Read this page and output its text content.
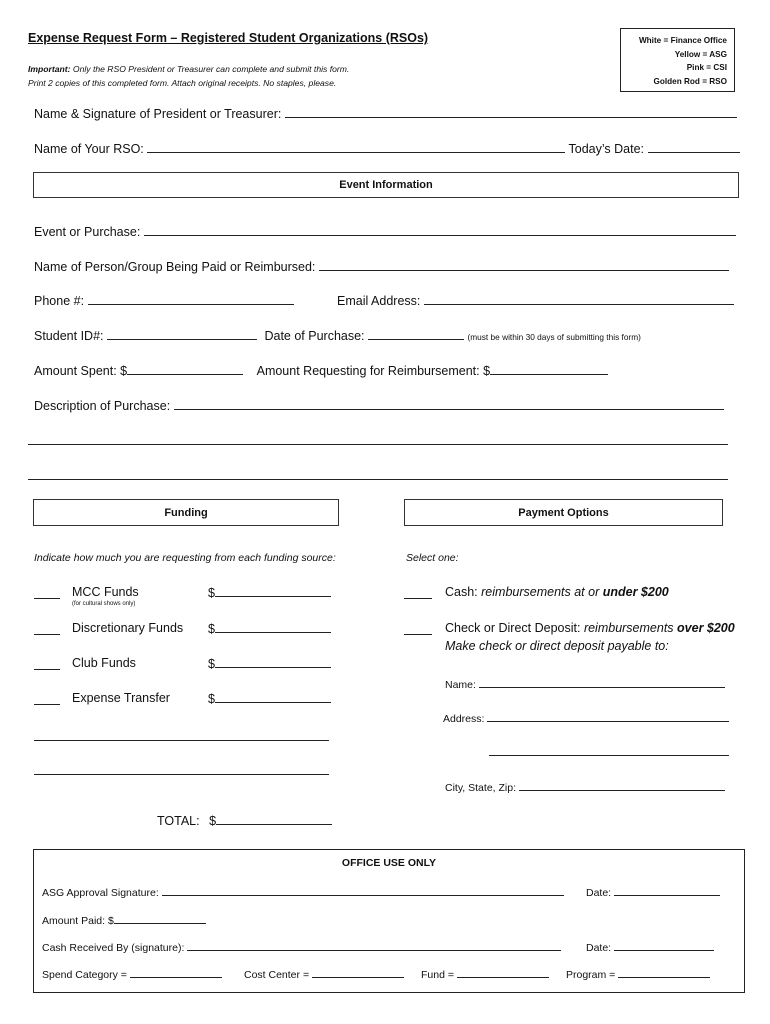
Expense Request Form – Registered Student Organizations (RSOs)
Important: Only the RSO President or Treasurer can complete and submit this form.
Print 2 copies of this completed form. Attach original receipts. No staples, please.
White = Finance Office
Yellow = ASG
Pink = CSI
Golden Rod = RSO
Name & Signature of President or Treasurer:
Name of Your RSO:	Today’s Date:
Event Information
Event or Purchase:
Name of Person/Group Being Paid or Reimbursed:
Phone #:	Email Address:
Student ID#:	Date of Purchase:	(must be within 30 days of submitting this form)
Amount Spent: $	Amount Requesting for Reimbursement: $
Description of Purchase:
Funding
Indicate how much you are requesting from each funding source:
MCC Funds
(for cultural shows only)
$
Discretionary Funds $
Club Funds	$
Expense Transfer	$
TOTAL: $
Payment Options
Select one:
Cash: reimbursements at or under $200
Check or Direct Deposit: reimbursements over $200
Make check or direct deposit payable to:
Name:
Address:
City, State, Zip:
OFFICE USE ONLY
ASG Approval Signature:	Date:
Amount Paid: $
Cash Received By (signature):	Date:
Spend Category =	Cost Center =	Fund =	Program =
